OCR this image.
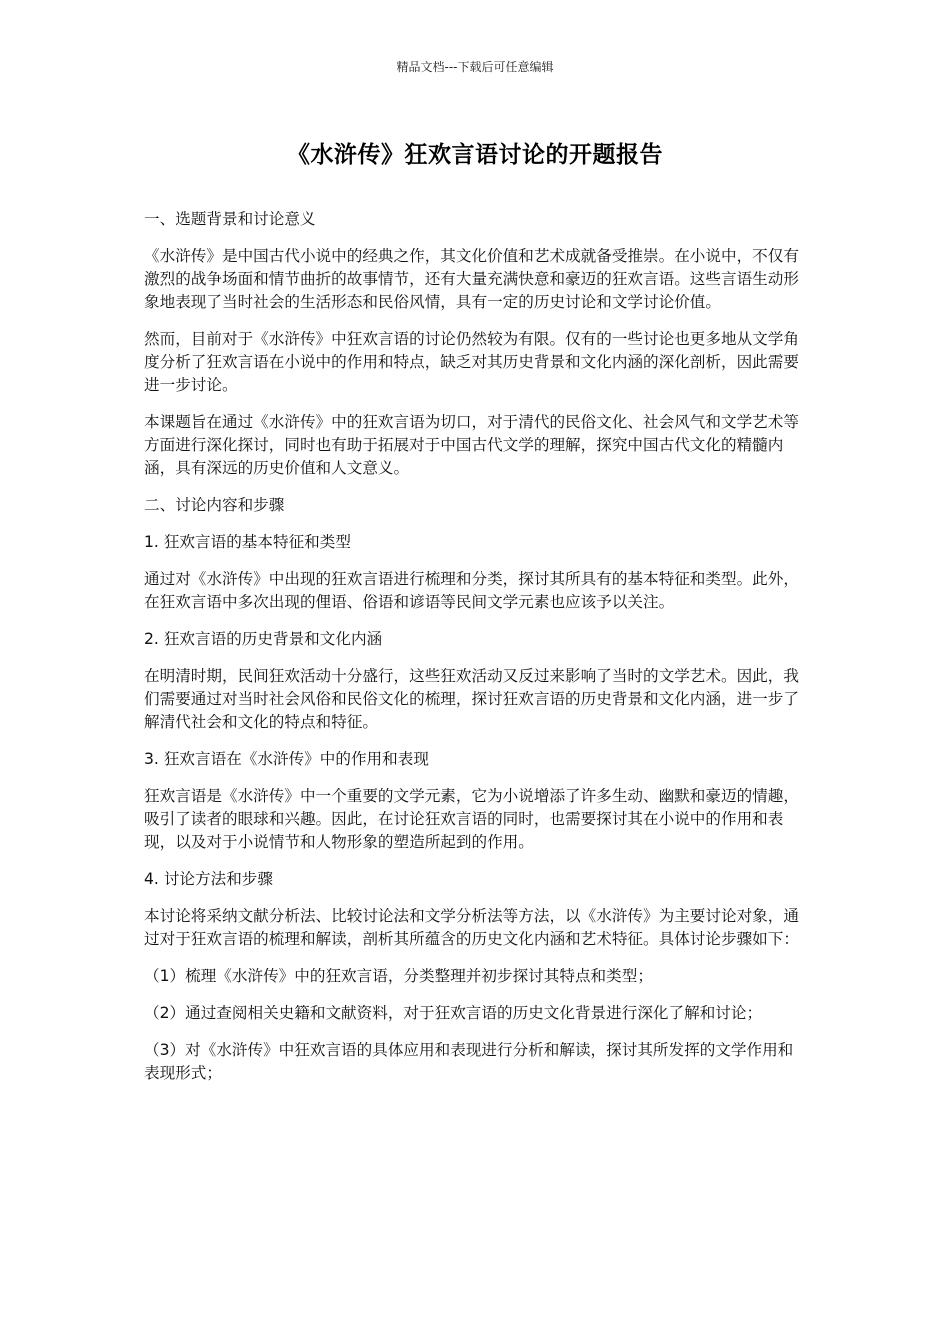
精品文档---下载后可任意编辑
《水浒传》狂欢言语讨论的开题报告

一、选题背景和讨论意义

《水浒传》是中国古代小说中的经典之作，其文化价值和艺术成就备受推崇。在小说中，不仅有激烈的战争场面和情节曲折的故事情节，还有大量充满快意和豪迈的狂欢言语。这些言语生动形象地表现了当时社会的生活形态和民俗风情，具有一定的历史讨论和文学讨论价值。

然而，目前对于《水浒传》中狂欢言语的讨论仍然较为有限。仅有的一些讨论也更多地从文学角度分析了狂欢言语在小说中的作用和特点，缺乏对其历史背景和文化内涵的深化剖析，因此需要进一步讨论。

本课题旨在通过《水浒传》中的狂欢言语为切口，对于清代的民俗文化、社会风气和文学艺术等方面进行深化探讨，同时也有助于拓展对于中国古代文学的理解，探究中国古代文化的精髓内涵，具有深远的历史价值和人文意义。

二、讨论内容和步骤

1. 狂欢言语的基本特征和类型

通过对《水浒传》中出现的狂欢言语进行梳理和分类，探讨其所具有的基本特征和类型。此外，在狂欢言语中多次出现的俚语、俗语和谚语等民间文学元素也应该予以关注。

2. 狂欢言语的历史背景和文化内涵

在明清时期，民间狂欢活动十分盛行，这些狂欢活动又反过来影响了当时的文学艺术。因此，我们需要通过对当时社会风俗和民俗文化的梳理，探讨狂欢言语的历史背景和文化内涵，进一步了解清代社会和文化的特点和特征。

3. 狂欢言语在《水浒传》中的作用和表现

狂欢言语是《水浒传》中一个重要的文学元素，它为小说增添了许多生动、幽默和豪迈的情趣，吸引了读者的眼球和兴趣。因此，在讨论狂欢言语的同时，也需要探讨其在小说中的作用和表现，以及对于小说情节和人物形象的塑造所起到的作用。

4. 讨论方法和步骤

本讨论将采纳文献分析法、比较讨论法和文学分析法等方法，以《水浒传》为主要讨论对象，通过对于狂欢言语的梳理和解读，剖析其所蕴含的历史文化内涵和艺术特征。具体讨论步骤如下：

（1）梳理《水浒传》中的狂欢言语，分类整理并初步探讨其特点和类型；

（2）通过查阅相关史籍和文献资料，对于狂欢言语的历史文化背景进行深化了解和讨论；

（3）对《水浒传》中狂欢言语的具体应用和表现进行分析和解读，探讨其所发挥的文学作用和表现形式；
